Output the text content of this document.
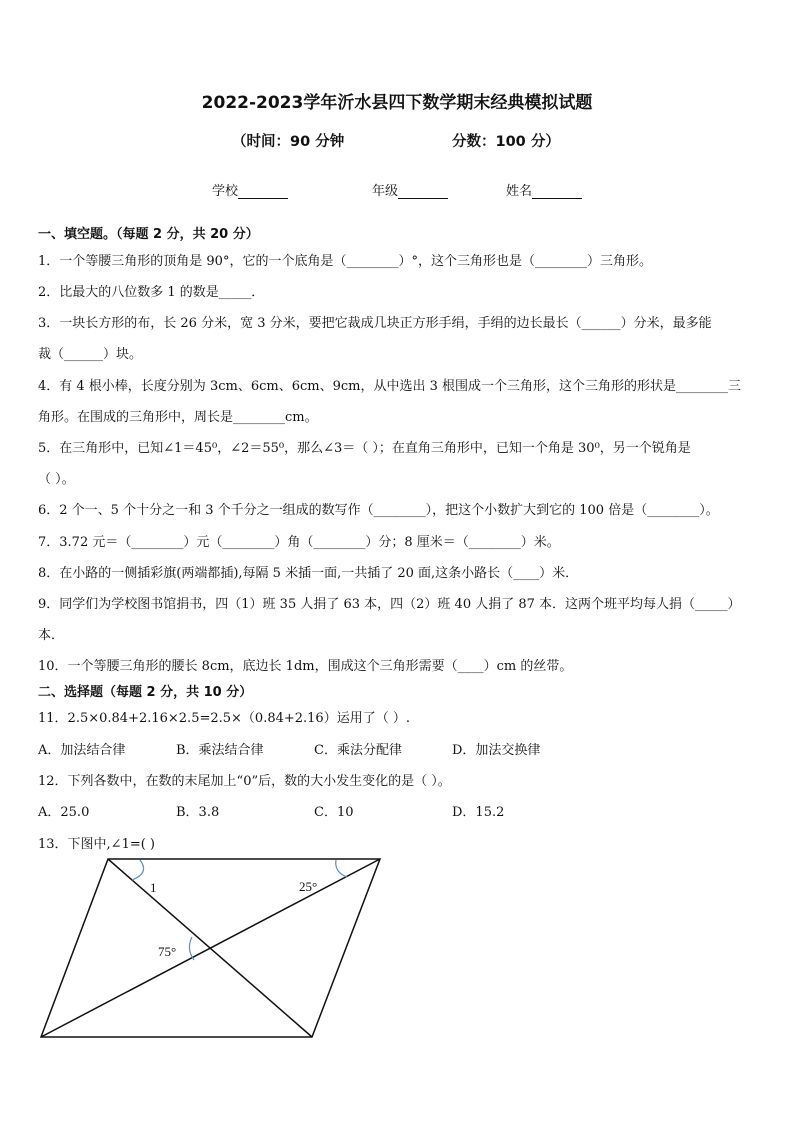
2022-2023学年沂水县四下数学期末经典模拟试题
（时间：90 分钟	分数：100 分）
学校	年级	姓名
一、填空题。（每题 2 分，共 20 分）
1．一个等腰三角形的顶角是 90°，它的一个底角是（________）°，这个三角形也是（________）三角形。
2．比最大的八位数多 1 的数是_____．
3．一块长方形的布，长 26 分米，宽 3 分米，要把它裁成几块正方形手绢，手绢的边长最长（______）分米，最多能
裁（______）块。
4．有 4 根小棒，长度分别为 3cm、6cm、6cm、9cm，从中选出 3 根围成一个三角形，这个三角形的形状是________三
角形。在围成的三角形中，周长是________cm。
5．在三角形中，已知∠1＝45⁰，∠2＝55⁰，那么∠3＝（ ）；在直角三角形中，已知一个角是 30⁰，另一个锐角是
（ ）。
6．2 个一、5 个十分之一和 3 个千分之一组成的数写作（________），把这个小数扩大到它的 100 倍是（________）。
7．3.72 元＝（________）元（________）角（________）分；8 厘米＝（________）米。
8．在小路的一侧插彩旗(两端都插),每隔 5 米插一面,一共插了 20 面,这条小路长（____）米．
9．同学们为学校图书馆捐书，四（1）班 35 人捐了 63 本，四（2）班 40 人捐了 87 本．这两个班平均每人捐（_____）
本．
10．一个等腰三角形的腰长 8cm，底边长 1dm，围成这个三角形需要（____）cm 的丝带。
二、选择题（每题 2 分，共 10 分）
11．2.5×0.84+2.16×2.5=2.5×（0.84+2.16）运用了（ ）.
A．加法结合律	B．乘法结合律	C．乘法分配律	D．加法交换律
12．下列各数中，在数的末尾加上“0”后，数的大小发生变化的是（ ）。
A．25.0	B．3.8	C．10	D．15.2
13．下图中,∠1=( )
1	25°
75°
